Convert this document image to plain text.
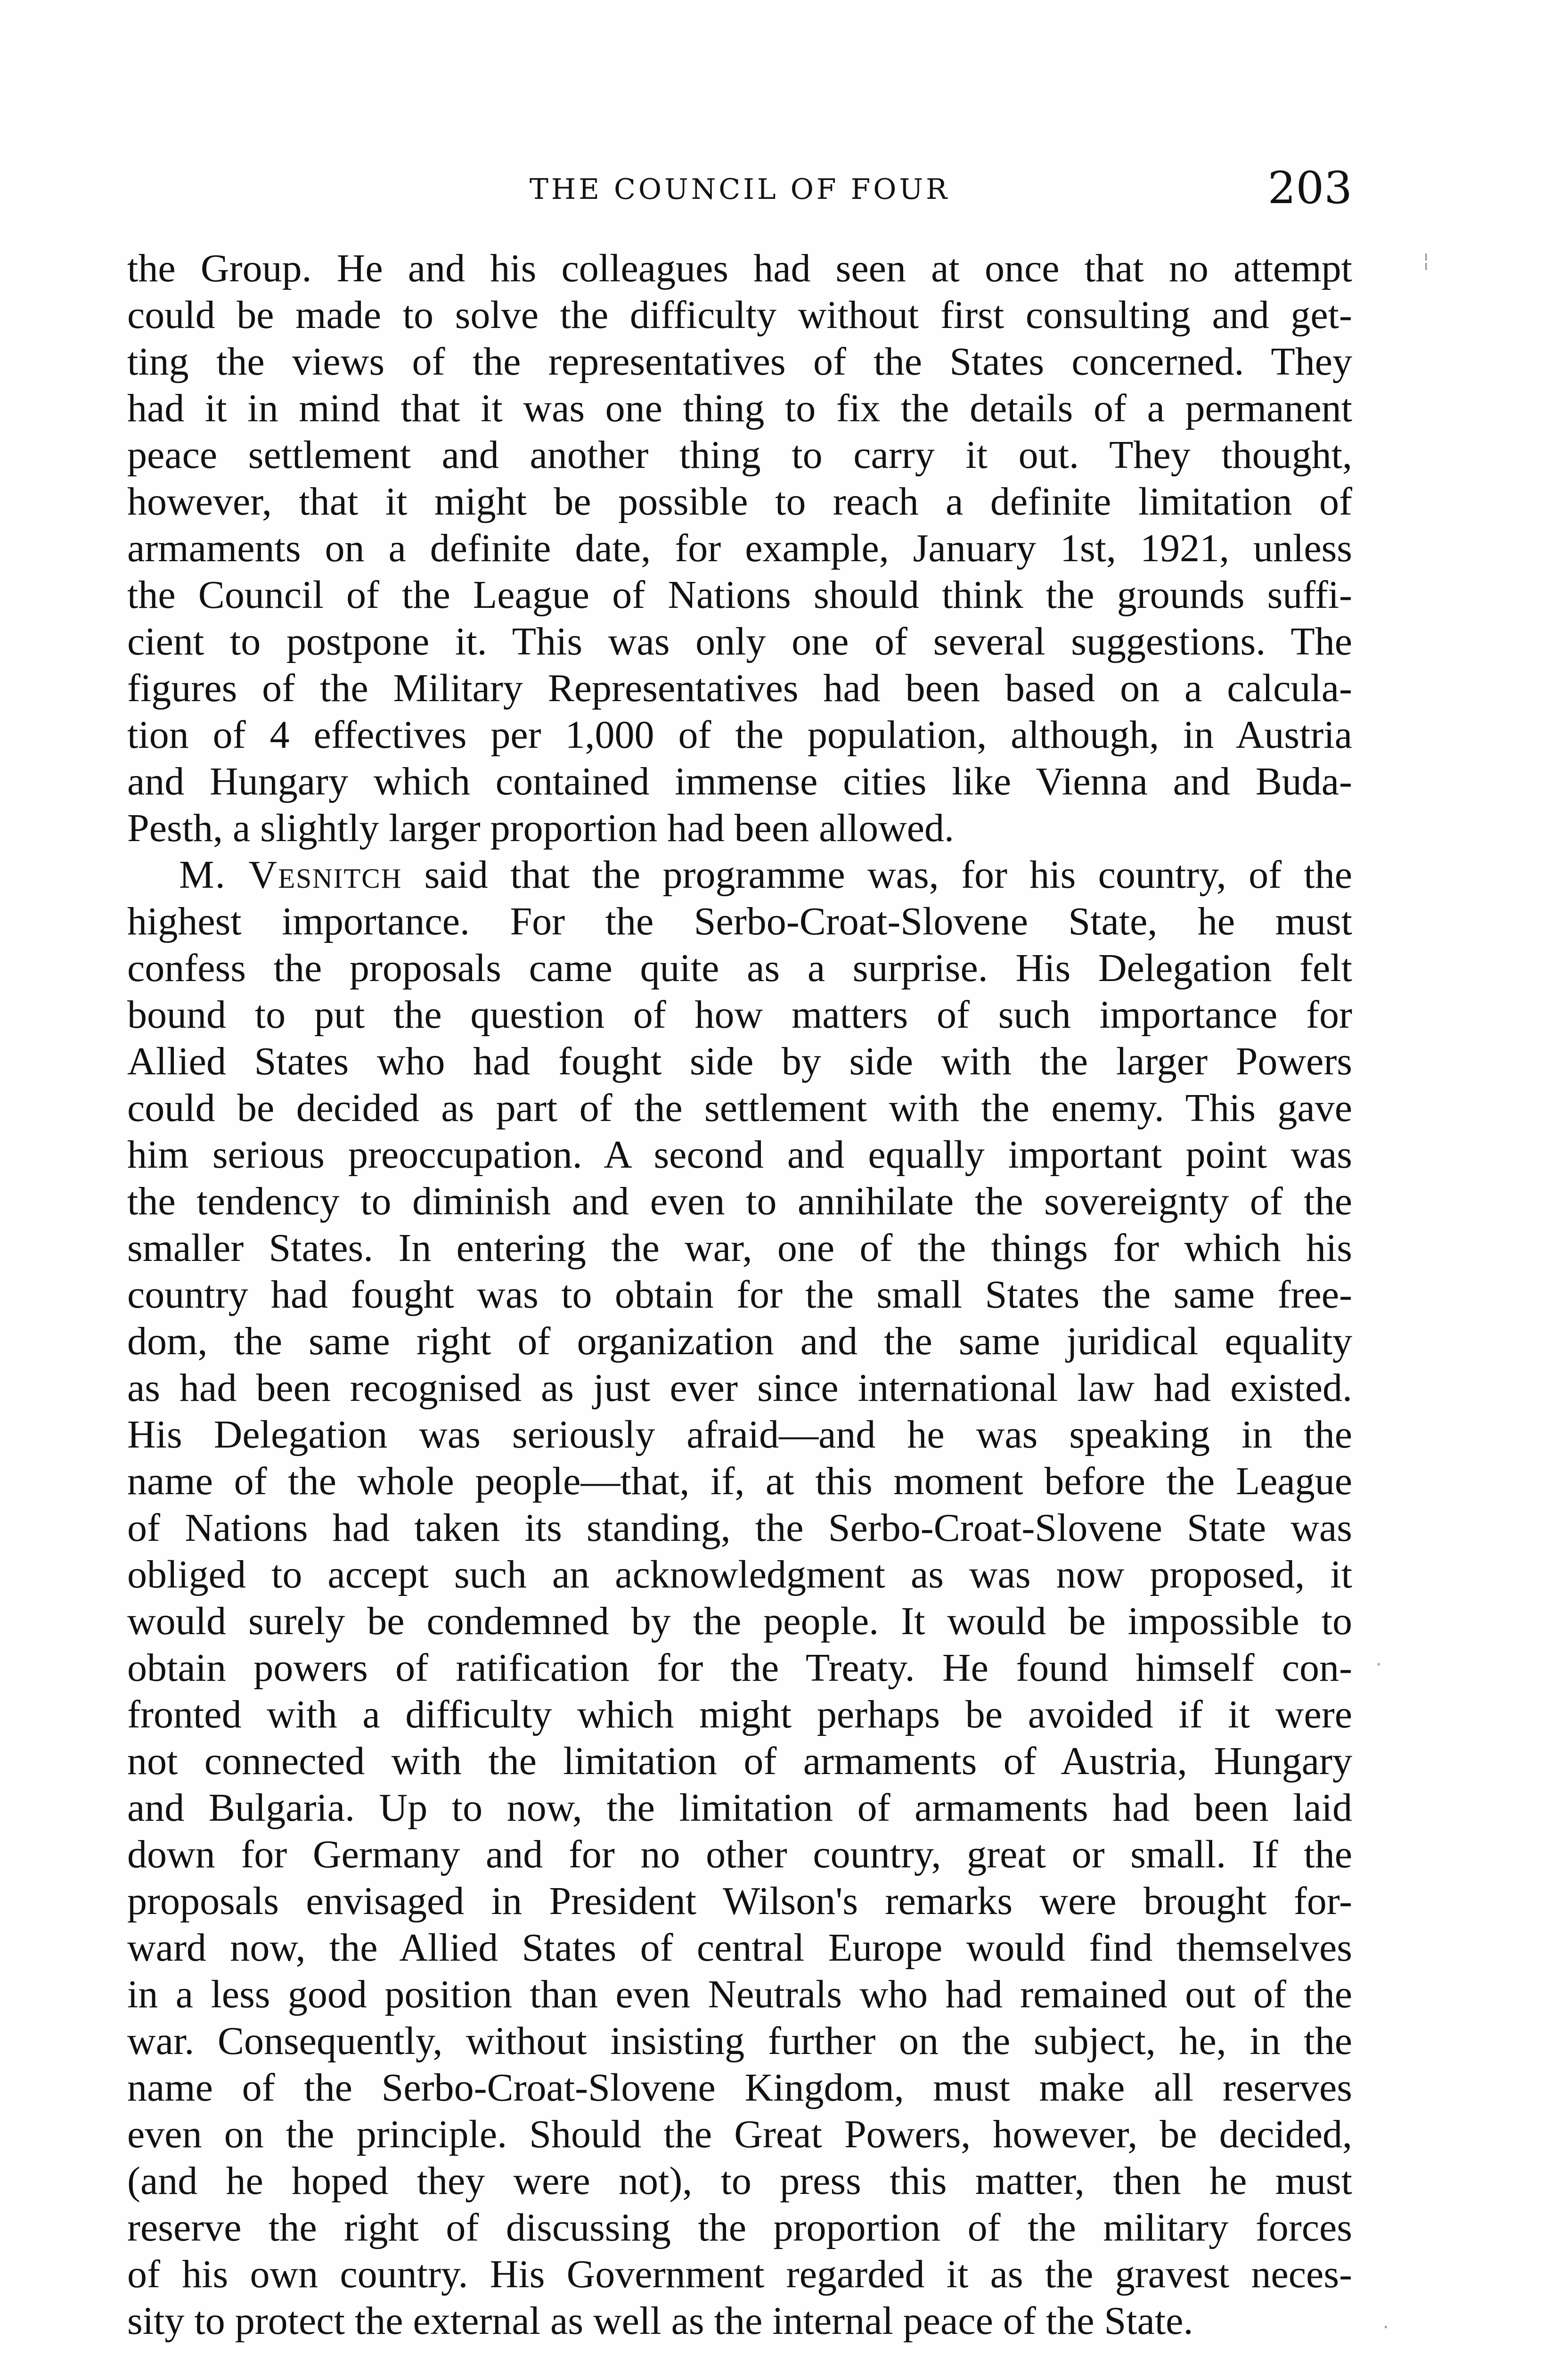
THE COUNCIL OF FOUR	203
the Group. He and his colleagues had seen at once that no attempt
could be made to solve the difficulty without first consulting and get-
ting the views of the representatives of the States concerned. They
had it in mind that it was one thing to fix the details of a permanent
peace settlement and another thing to carry it out. They thought,
however, that it might be possible to reach a definite limitation of
armaments on a definite date, for example, January 1st, 1921, unless
the Council of the League of Nations should think the grounds suffi-
cient to postpone it. This was only one of several suggestions. The
figures of the Military Representatives had been based on a calcula-
tion of 4 effectives per 1,000 of the population, although, in Austria
and Hungary which contained immense cities like Vienna and Buda-
Pesth, a slightly larger proportion had been allowed.
M. Vesnitch said that the programme was, for his country, of the
highest importance. For the Serbo-Croat-Slovene State, he must
confess the proposals came quite as a surprise. His Delegation felt
bound to put the question of how matters of such importance for
Allied States who had fought side by side with the larger Powers
could be decided as part of the settlement with the enemy. This gave
him serious preoccupation. A second and equally important point was
the tendency to diminish and even to annihilate the sovereignty of the
smaller States. In entering the war, one of the things for which his
country had fought was to obtain for the small States the same free-
dom, the same right of organization and the same juridical equality
as had been recognised as just ever since international law had existed.
His Delegation was seriously afraid—and he was speaking in the
name of the whole people—that, if, at this moment before the League
of Nations had taken its standing, the Serbo-Croat-Slovene State was
obliged to accept such an acknowledgment as was now proposed, it
would surely be condemned by the people. It would be impossible to
obtain powers of ratification for the Treaty. He found himself con-
fronted with a difficulty which might perhaps be avoided if it were
not connected with the limitation of armaments of Austria, Hungary
and Bulgaria. Up to now, the limitation of armaments had been laid
down for Germany and for no other country, great or small. If the
proposals envisaged in President Wilson's remarks were brought for-
ward now, the Allied States of central Europe would find themselves
in a less good position than even Neutrals who had remained out of the
war. Consequently, without insisting further on the subject, he, in the
name of the Serbo-Croat-Slovene Kingdom, must make all reserves
even on the principle. Should the Great Powers, however, be decided,
(and he hoped they were not), to press this matter, then he must
reserve the right of discussing the proportion of the military forces
of his own country. His Government regarded it as the gravest neces-
sity to protect the external as well as the internal peace of the State.
¦
·
.
